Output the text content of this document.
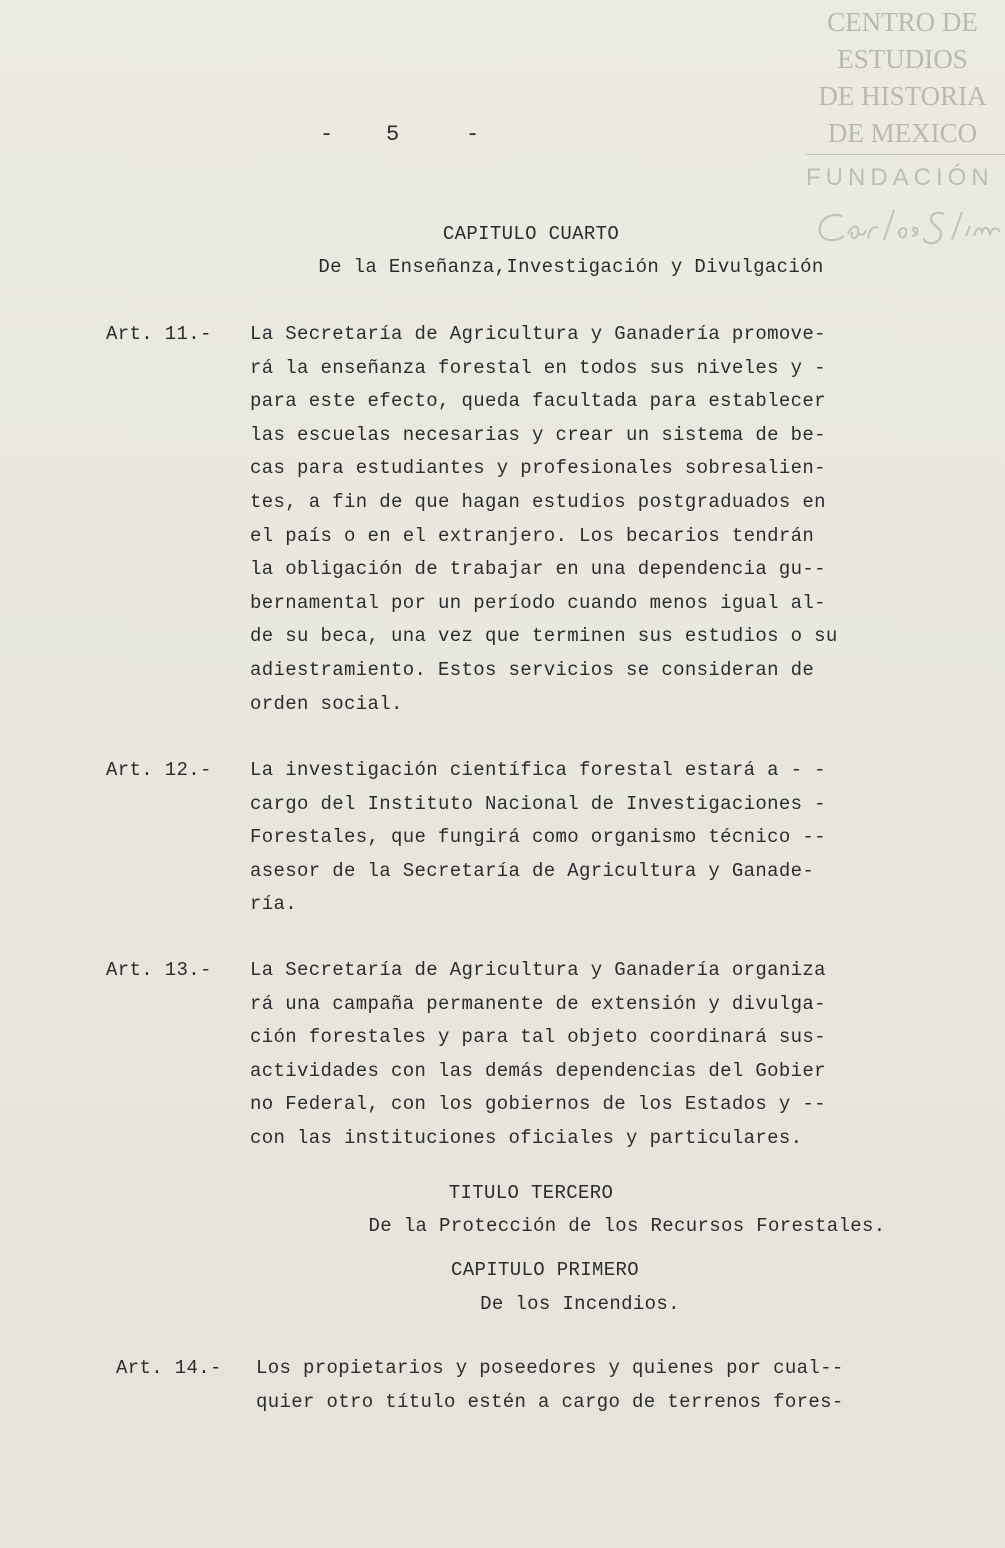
CENTRO DE
ESTUDIOS
DE HISTORIA
DE MEXICO
FUNDACIÓN
- 5	-
CAPITULO CUARTO
De la Enseñanza,Investigación y Divulgación
Art. 11.- La Secretaría de Agricultura y Ganadería promove-
rá la enseñanza forestal en todos sus niveles y -
para este efecto, queda facultada para establecer
las escuelas necesarias y crear un sistema de be-
cas para estudiantes y profesionales sobresalien-
tes, a fin de que hagan estudios postgraduados en
el país o en el extranjero. Los becarios tendrán
la obligación de trabajar en una dependencia gu--
bernamental por un período cuando menos igual al-
de su beca, una vez que terminen sus estudios o su
adiestramiento. Estos servicios se consideran de
orden social.
Art. 12.- La investigación científica forestal estará a - -
cargo del Instituto Nacional de Investigaciones -
Forestales, que fungirá como organismo técnico --
asesor de la Secretaría de Agricultura y Ganade-
ría.
Art. 13.- La Secretaría de Agricultura y Ganadería organiza
rá una campaña permanente de extensión y divulga-
ción forestales y para tal objeto coordinará sus-
actividades con las demás dependencias del Gobier
no Federal, con los gobiernos de los Estados y --
con las instituciones oficiales y particulares.
TITULO TERCERO
De la Protección de los Recursos Forestales.
CAPITULO PRIMERO
De los Incendios.
Art. 14.- Los propietarios y poseedores y quienes por cual--
quier otro título estén a cargo de terrenos fores-
